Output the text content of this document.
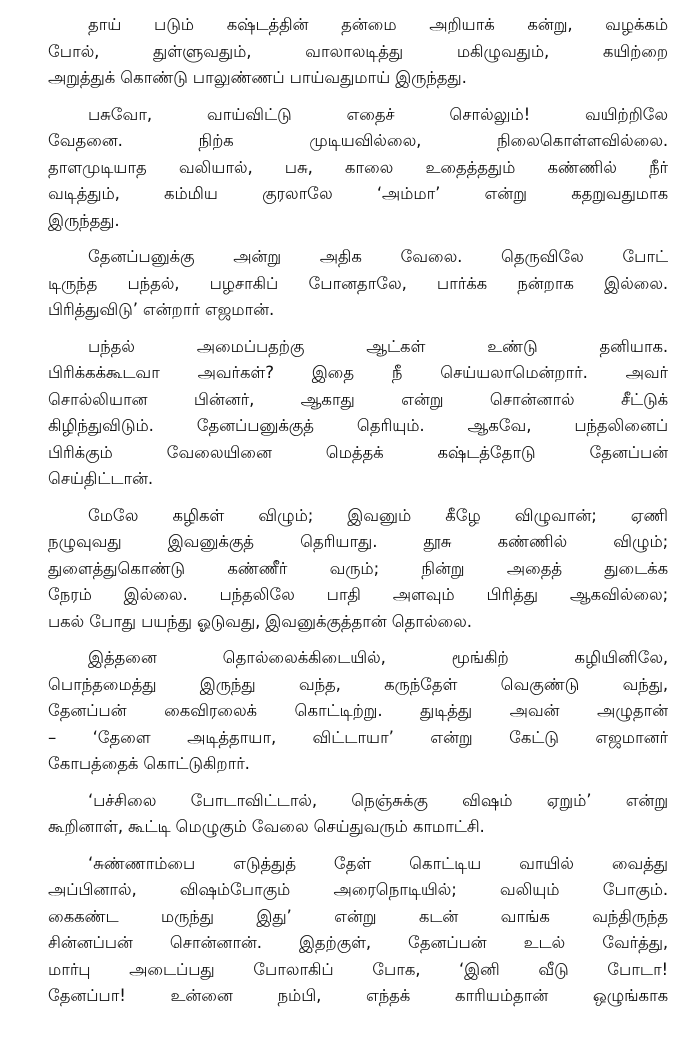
தாய் படும் கஷ்டத்தின் தன்மை அறியாக் கன்று, வழக்கம்
போல், துள்ளுவதும், வாலாலடித்து மகிழுவதும், கயிற்றை
அறுத்துக் கொண்டு பாலுண்ணப் பாய்வதுமாய் இருந்தது.
பசுவோ, வாய்விட்டு எதைச் சொல்லும்! வயிற்றிலே
வேதனை. நிற்க முடியவில்லை, நிலைகொள்ளவில்லை.
தாளமுடியாத வலியால், பசு, காலை உதைத்ததும் கண்ணில் நீர்
வடித்தும், கம்மிய குரலாலே ‘அம்மா’ என்று கதறுவதுமாக
இருந்தது.
தேனப்பனுக்கு அன்று அதிக வேலை. தெருவிலே போட்
டிருந்த பந்தல், பழசாகிப் போனதாலே, பார்க்க நன்றாக இல்லை.
பிரித்துவிடு’ என்றார் எஜமான்.
பந்தல் அமைப்பதற்கு ஆட்கள் உண்டு தனியாக.
பிரிக்கக்கூடவா அவர்கள்? இதை நீ செய்யலாமென்றார். அவர்
சொல்லியான பின்னர், ஆகாது என்று சொன்னால் சீட்டுக்
கிழிந்துவிடும். தேனப்பனுக்குத் தெரியும். ஆகவே, பந்தலினைப்
பிரிக்கும் வேலையினை மெத்தக் கஷ்டத்தோடு தேனப்பன்
செய்திட்டான்.
மேலே கழிகள் விழும்; இவனும் கீழே விழுவான்; ஏணி
நழுவுவது இவனுக்குத் தெரியாது. தூசு கண்ணில் விழும்;
துளைத்துகொண்டு கண்ணீர் வரும்; நின்று அதைத் துடைக்க
நேரம் இல்லை. பந்தலிலே பாதி அளவும் பிரித்து ஆகவில்லை;
பகல் போது பயந்து ஓடுவது, இவனுக்குத்தான் தொல்லை.
இத்தனை தொல்லைக்கிடையில், மூங்கிற் கழியினிலே,
பொந்தமைத்து இருந்து வந்த, கருந்தேள் வெகுண்டு வந்து,
தேனப்பன் கைவிரலைக் கொட்டிற்று. துடித்து அவன் அழுதான்
– ‘தேளை அடித்தாயா, விட்டாயா’ என்று கேட்டு எஜமானர்
கோபத்தைக் கொட்டுகிறார்.
‘பச்சிலை போடாவிட்டால், நெஞ்சுக்கு விஷம் ஏறும்’ என்று
கூறினாள், கூட்டி மெழுகும் வேலை செய்துவரும் காமாட்சி.
‘சுண்ணாம்பை எடுத்துத் தேள் கொட்டிய வாயில் வைத்து
அப்பினால், விஷம்போகும் அரைநொடியில்; வலியும் போகும்.
கைகண்ட மருந்து இது’ என்று கடன் வாங்க வந்திருந்த
சின்னப்பன் சொன்னான். இதற்குள், தேனப்பன் உடல் வேர்த்து,
மார்பு அடைப்பது போலாகிப் போக, ‘இனி வீடு போடா!
தேனப்பா! உன்னை நம்பி, எந்தக் காரியம்தான் ஒழுங்காக
